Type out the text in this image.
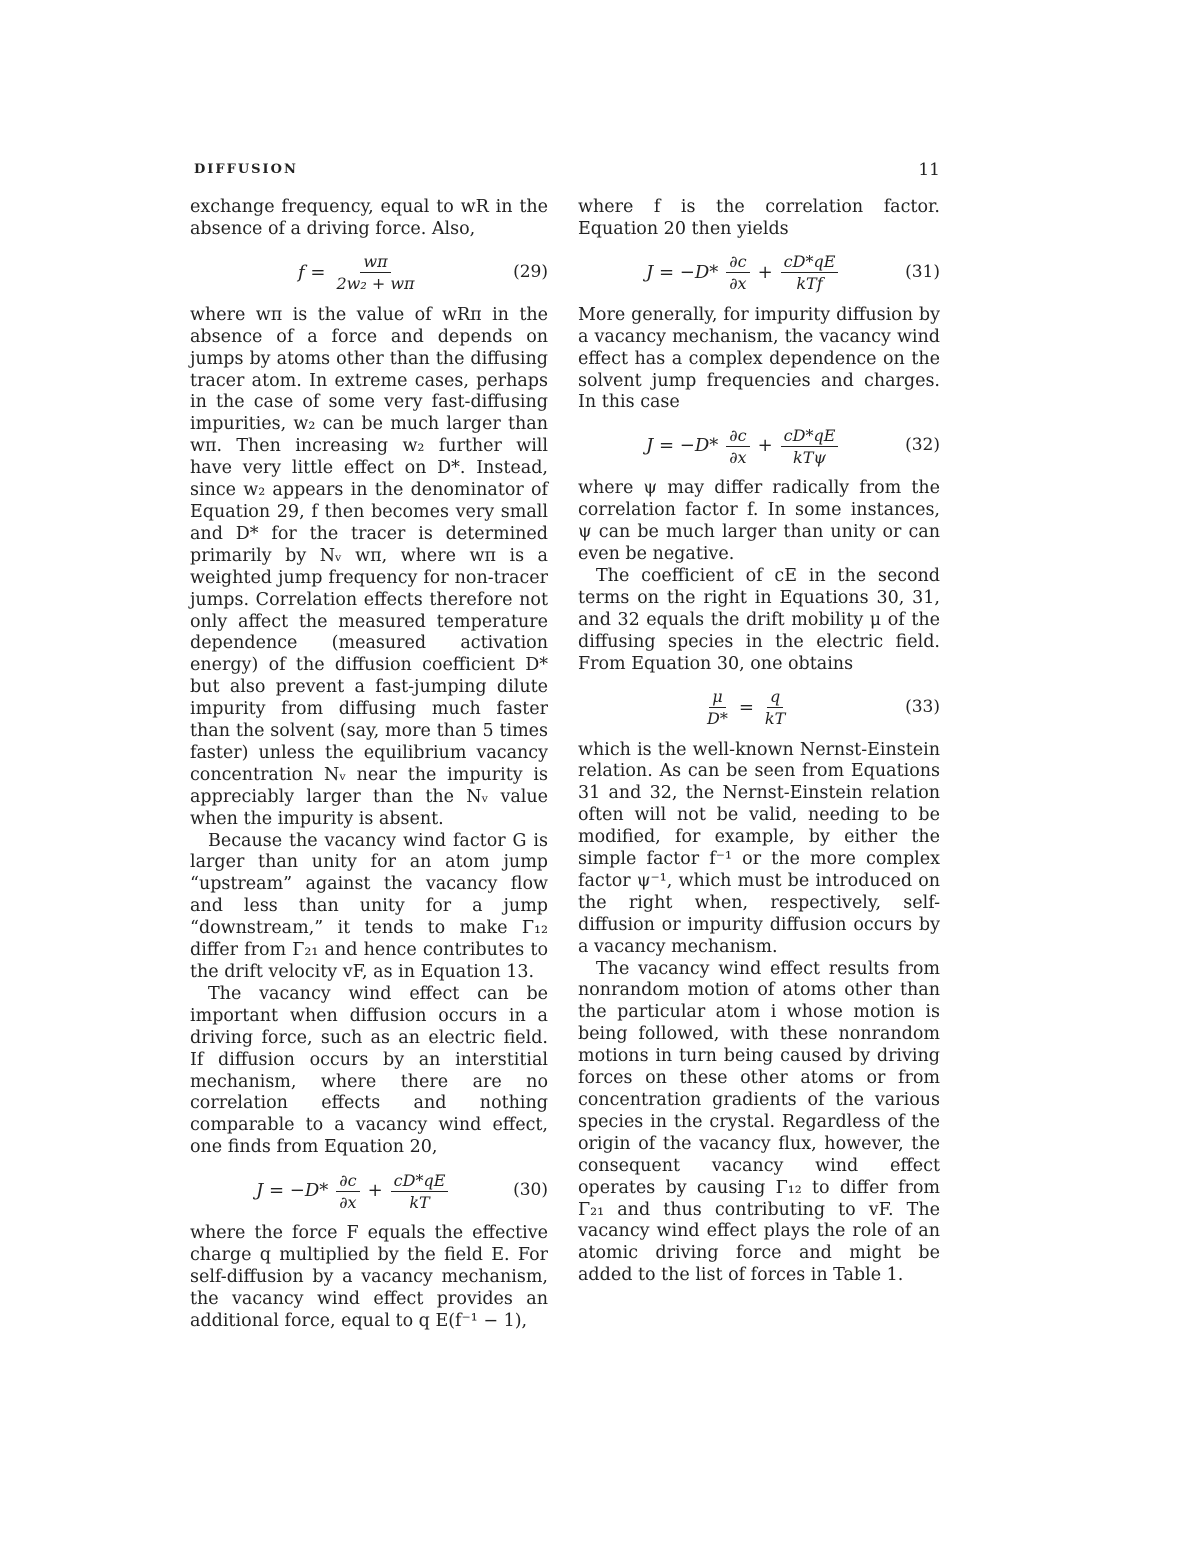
DIFFUSION	11

exchange frequency, equal to wR in the absence of a driving force. Also,

$f = \frac{w\pi}{\text{2w₂ + wπ}}$	(29)

where wπ is the value of wRπ in the absence of a force and depends on jumps by atoms other than the diffusing tracer atom. In extreme cases, perhaps in the case of some very fast-diffusing impurities, w₂ can be much larger than wπ. Then increasing w₂ further will have very little effect on D*. Instead, since w₂ appears in the denominator of Equation 29, f then becomes very small and D* for the tracer is determined primarily by Nᵥ wπ, where wπ is a weighted jump frequency for non-tracer jumps. Correlation effects therefore not only affect the measured temperature dependence (measured activation energy) of the diffusion coefficient D* but also prevent a fast-jumping dilute impurity from diffusing much faster than the solvent (say, more than 5 times faster) unless the equilibrium vacancy concentration Nᵥ near the impurity is appreciably larger than the Nᵥ value when the impurity is absent.

Because the vacancy wind factor G is larger than unity for an atom jump “upstream” against the vacancy flow and less than unity for a jump “downstream,” it tends to make Γ₁₂ differ from Γ₂₁ and hence contributes to the drift velocity vF, as in Equation 13.

The vacancy wind effect can be important when diffusion occurs in a driving force, such as an electric field. If diffusion occurs by an interstitial mechanism, where there are no correlation effects and nothing comparable to a vacancy wind effect, one finds from Equation 20,

$J = -D* \frac{\partial c}{\partial x} + \frac{cD*qE}{kT}$	(30)

where the force F equals the effective charge q multiplied by the field E. For self-diffusion by a vacancy mechanism, the vacancy wind effect provides an additional force, equal to q E(f⁻¹ − 1),

where f is the correlation factor. Equation 20 then yields

$J = -D* \frac{\partial c}{\partial x} + \frac{cD*qE}{\text{kTf}}$	(31)

More generally, for impurity diffusion by a vacancy mechanism, the vacancy wind effect has a complex dependence on the solvent jump frequencies and charges. In this case

$J = -D* \frac{\partial c}{\partial x} + \frac{cD*qE}{\text{kTψ}}$	(32)

where ψ may differ radically from the correlation factor f. In some instances, ψ can be much larger than unity or can even be negative.

The coefficient of cE in the second terms on the right in Equations 30, 31, and 32 equals the drift mobility μ of the diffusing species in the electric field. From Equation 30, one obtains

$\frac{\mu}{D*} = \frac{q}{kT}$	(33)

which is the well-known Nernst-Einstein relation. As can be seen from Equations 31 and 32, the Nernst-Einstein relation often will not be valid, needing to be modified, for example, by either the simple factor f⁻¹ or the more complex factor ψ⁻¹, which must be introduced on the right when, respectively, self-diffusion or impurity diffusion occurs by a vacancy mechanism.

The vacancy wind effect results from nonrandom motion of atoms other than the particular atom i whose motion is being followed, with these nonrandom motions in turn being caused by driving forces on these other atoms or from concentration gradients of the various species in the crystal. Regardless of the origin of the vacancy flux, however, the consequent vacancy wind effect operates by causing Γ₁₂ to differ from Γ₂₁ and thus contributing to vF. The vacancy wind effect plays the role of an atomic driving force and might be added to the list of forces in Table 1.
